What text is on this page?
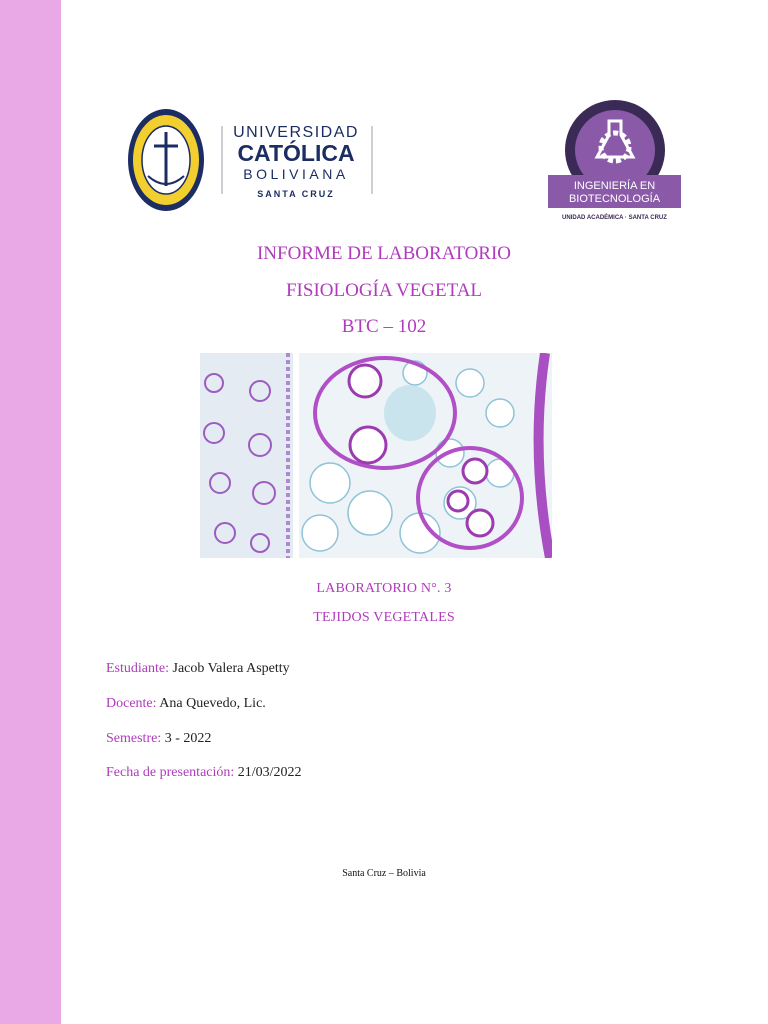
UNIVERSIDAD
CATÓLICA
BOLIVIANA
SANTA CRUZ
INGENIERÍA EN
BIOTECNOLOGÍA
UNIDAD ACADÉMICA · SANTA CRUZ
INFORME DE LABORATORIO
FISIOLOGÍA VEGETAL
BTC – 102
LABORATORIO N°. 3
TEJIDOS VEGETALES
Estudiante: Jacob Valera Aspetty
Docente: Ana Quevedo, Lic.
Semestre: 3 - 2022
Fecha de presentación: 21/03/2022
Santa Cruz – Bolivia
